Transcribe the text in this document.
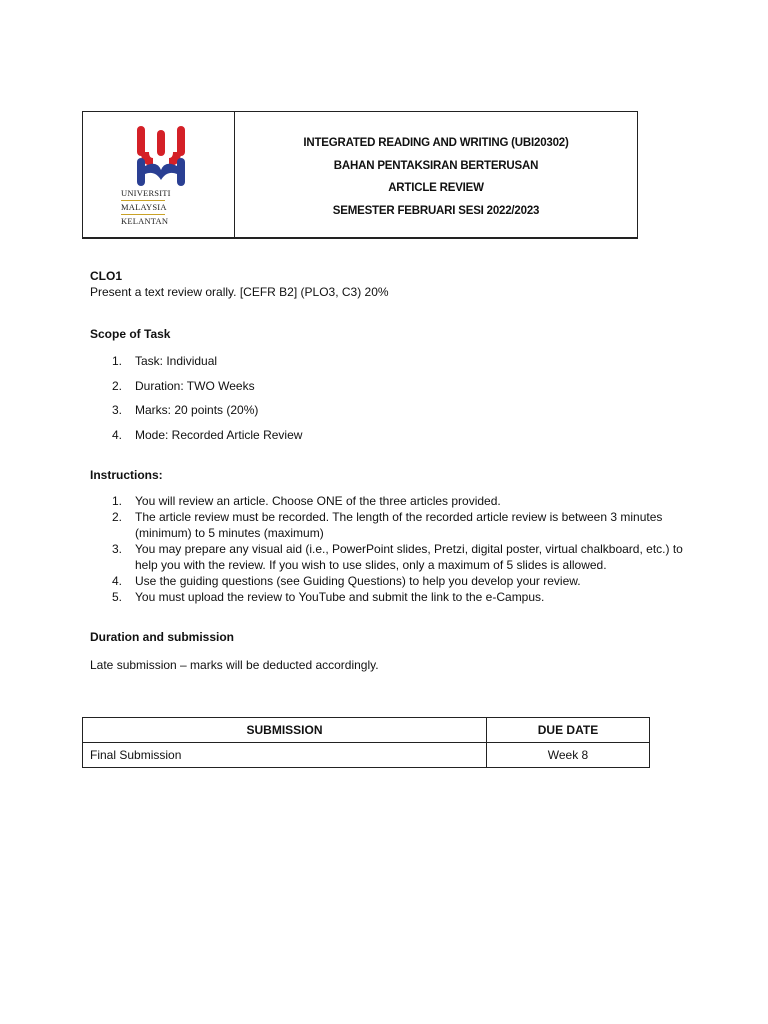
UNIVERSITI
MALAYSIA
KELANTAN
INTEGRATED READING AND WRITING (UBI20302)
BAHAN PENTAKSIRAN BERTERUSAN
ARTICLE REVIEW
SEMESTER FEBRUARI SESI 2022/2023
CLO1
Present a text review orally. [CEFR B2] (PLO3, C3) 20%
Scope of Task
1.	Task: Individual
2.	Duration: TWO Weeks
3.	Marks: 20 points (20%)
4.	Mode: Recorded Article Review
Instructions:
1.	You will review an article. Choose ONE of the three articles provided.
2.	The article review must be recorded. The length of the recorded article review is between 3 minutes (minimum) to 5 minutes (maximum)
3.	You may prepare any visual aid (i.e., PowerPoint slides, Pretzi, digital poster, virtual chalkboard, etc.) to help you with the review. If you wish to use slides, only a maximum of 5 slides is allowed.
4.	Use the guiding questions (see Guiding Questions) to help you develop your review.
5.	You must upload the review to YouTube and submit the link to the e-Campus.
Duration and submission
Late submission – marks will be deducted accordingly.
SUBMISSION	DUE DATE
Final Submission	Week 8
